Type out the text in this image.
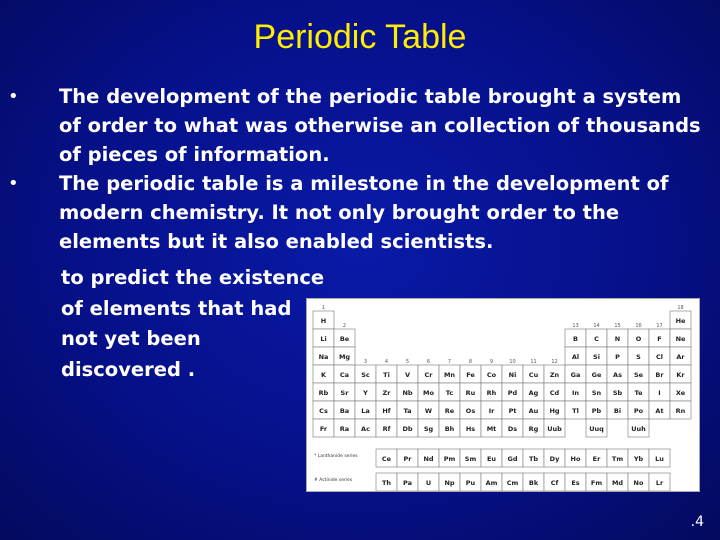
Periodic Table
• The development of the periodic table brought a system of order to what was otherwise an collection of thousands of pieces of information.
• The periodic table is a milestone in the development of modern chemistry. It not only brought order to the elements but it also enabled scientists.
to predict the existence
of elements that had
not yet been
discovered .
1
2
3	4	5	6	7	8	9	10	11	12
13	14	15	16	17
18
H	He
Li Be	B C N O F Ne
Na Mg	Al Si P	S Cl Ar
K Ca Sc Ti V Cr Mn Fe Co Ni Cu Zn Ga Ge As Se Br Kr
Rb Sr Y Zr Nb Mo Tc Ru Rh Pd Ag Cd In Sn Sb Te I Xe
Cs Ba La Hf Ta W Re Os Ir Pt Au Hg Tl Pb Bi Po At Rn
Fr Ra Ac Rf Db Sg Bh Hs Mt Ds Rg Uub	Uuq	Uuh
* Lanthanide series
# Actinide series
Ce Pr Nd Pm Sm Eu Gd Tb Dy Ho Er Tm Yb Lu
Th Pa U Np Pu Am Cm Bk Cf Es Fm Md No Lr
.4
